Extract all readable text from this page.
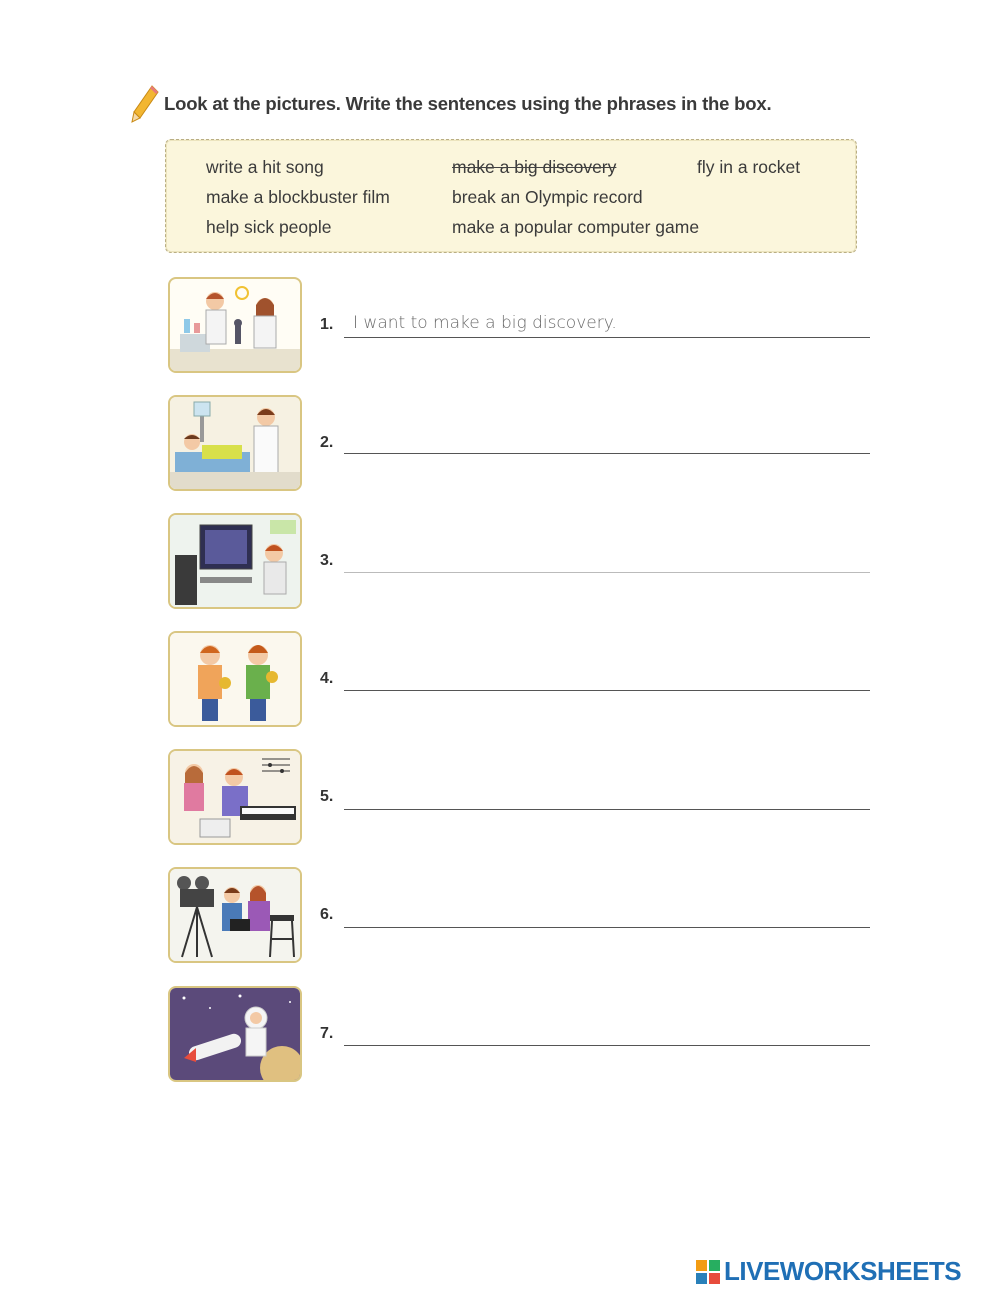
Look at the pictures. Write the sentences using the phrases in the box.
write a hit song	make a big discovery	fly in a rocket
make a blockbuster film	break an Olympic record
help sick people	make a popular computer game
1. I want to make a big discovery.
2.
3.
4.
5.
6.
7.
LIVEWORKSHEETS
